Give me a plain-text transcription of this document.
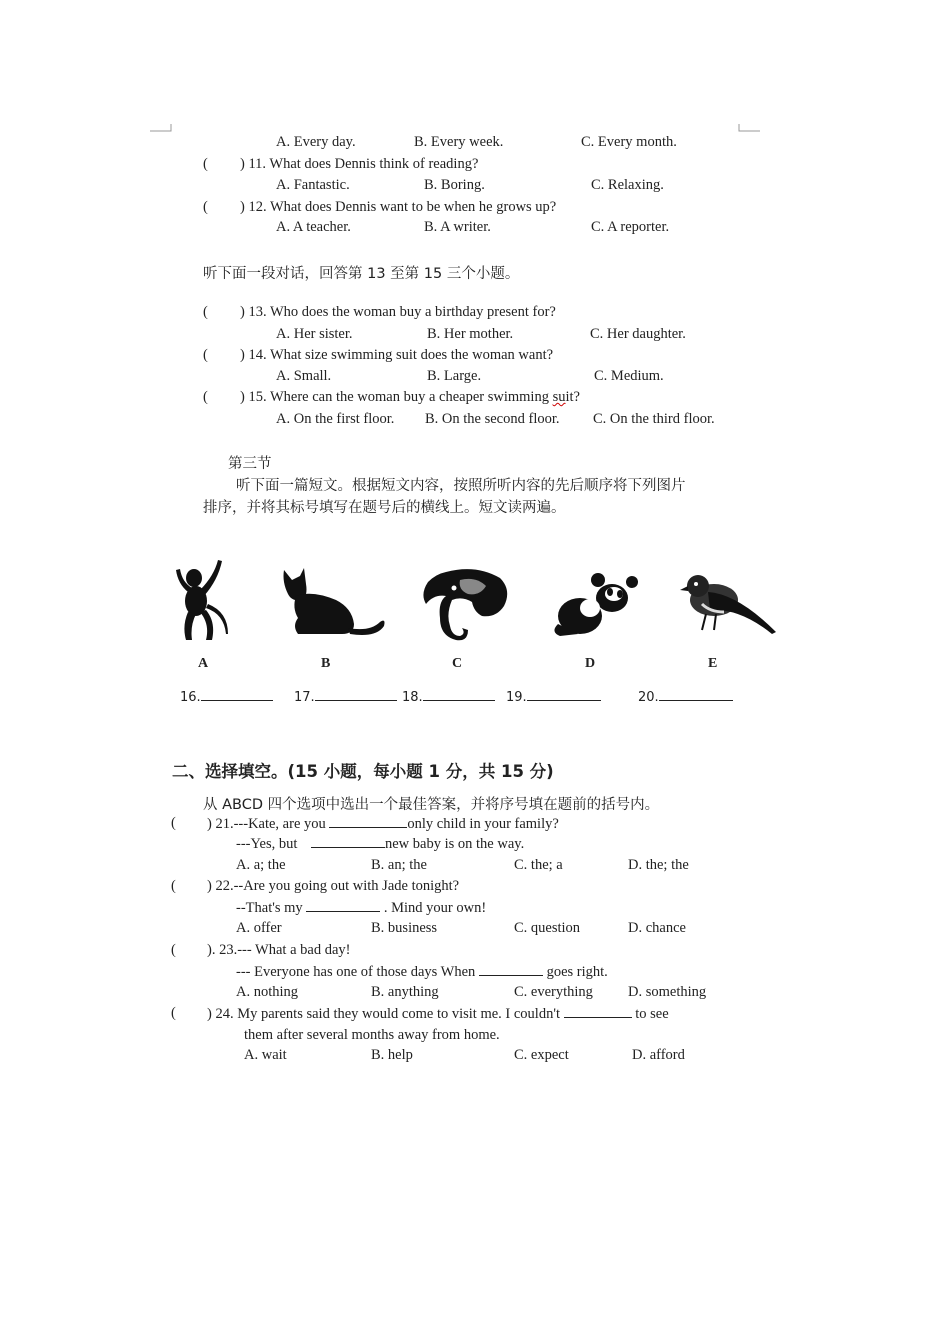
A. Every day.	B. Every week.	C. Every month.
( ) 11. What does Dennis think of reading?
A. Fantastic.	B. Boring.	C. Relaxing.
( ) 12. What does Dennis want to be when he grows up?
A. A teacher.	B. A writer.	C. A reporter.
听下面一段对话，回答第 13 至第 15 三个小题。
( ) 13. Who does the woman buy a birthday present for?
A. Her sister.	B. Her mother.	C. Her daughter.
( ) 14. What size swimming suit does the woman want?
A. Small.	B. Large.	C. Medium.
( ) 15. Where can the woman buy a cheaper swimming suit?
A. On the first floor. B. On the second floor. C. On the third floor.
第三节
听下面一篇短文。根据短文内容，按照所听内容的先后顺序将下列图片
排序，并将其标号填写在题号后的横线上。短文读两遍。
A	B	C	D	E
16.	17.	18.	19.	20.
二、选择填空。(15 小题，每小题 1 分，共 15 分)
从 ABCD 四个选项中选出一个最佳答案，并将序号填在题前的括号内。
( ) 21.---Kate, are you	only child in your family?
---Yes, but	new baby is on the way.
A. a; the	B. an; the	C. the; a	D. the; the
( ) 22.--Are you going out with Jade tonight?
--That's my	. Mind your own!
A. offer	B. business	C. question	D. chance
( ). 23.--- What a bad day!
--- Everyone has one of those days When	goes right.
A. nothing	B. anything	C. everything D. something
( ) 24. My parents said they would come to visit me. I couldn't	to see
them after several months away from home.
A. wait	B. help	C. expect	D. afford
